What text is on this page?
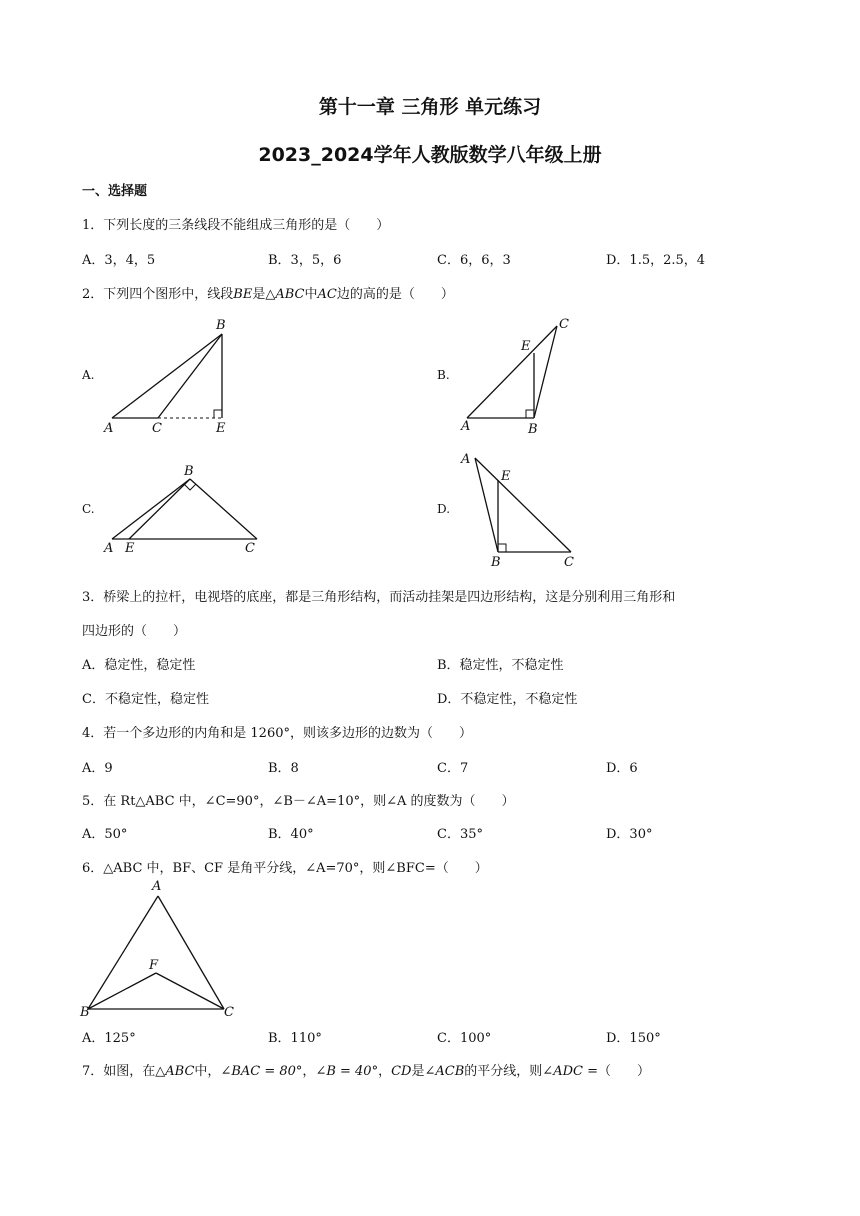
第十一章 三角形 单元练习
2023_2024学年人教版数学八年级上册
一、选择题
1．下列长度的三条线段不能组成三角形的是（　　）
A．3，4，5	B．3，5，6	C．6，6，3	D．1.5，2.5，4
2．下列四个图形中，线段BE是△ABC中AC边的高的是（　　）
A.	B.
C.	D.
A	C	E
B
A	B
E
C
A E
B
C
A
E
B	C
3．桥梁上的拉杆，电视塔的底座，都是三角形结构，而活动挂架是四边形结构，这是分别利用三角形和
四边形的（　　）
A．稳定性，稳定性	B．稳定性，不稳定性
C．不稳定性，稳定性	D．不稳定性，不稳定性
4．若一个多边形的内角和是 1260°，则该多边形的边数为（　　）
A．9	B．8	C．7	D．6
5．在 Rt△ABC 中，∠C=90°，∠B－∠A=10°，则∠A 的度数为（　　）
A．50°	B．40°	C．35°	D．30°
6．△ABC 中，BF、CF 是角平分线，∠A=70°，则∠BFC=（　　）
A
F
B	C
A．125°	B．110°	C．100°	D．150°
7．如图，在△ABC中，∠BAC = 80°，∠B = 40°，CD是∠ACB的平分线，则∠ADC =（　　）
